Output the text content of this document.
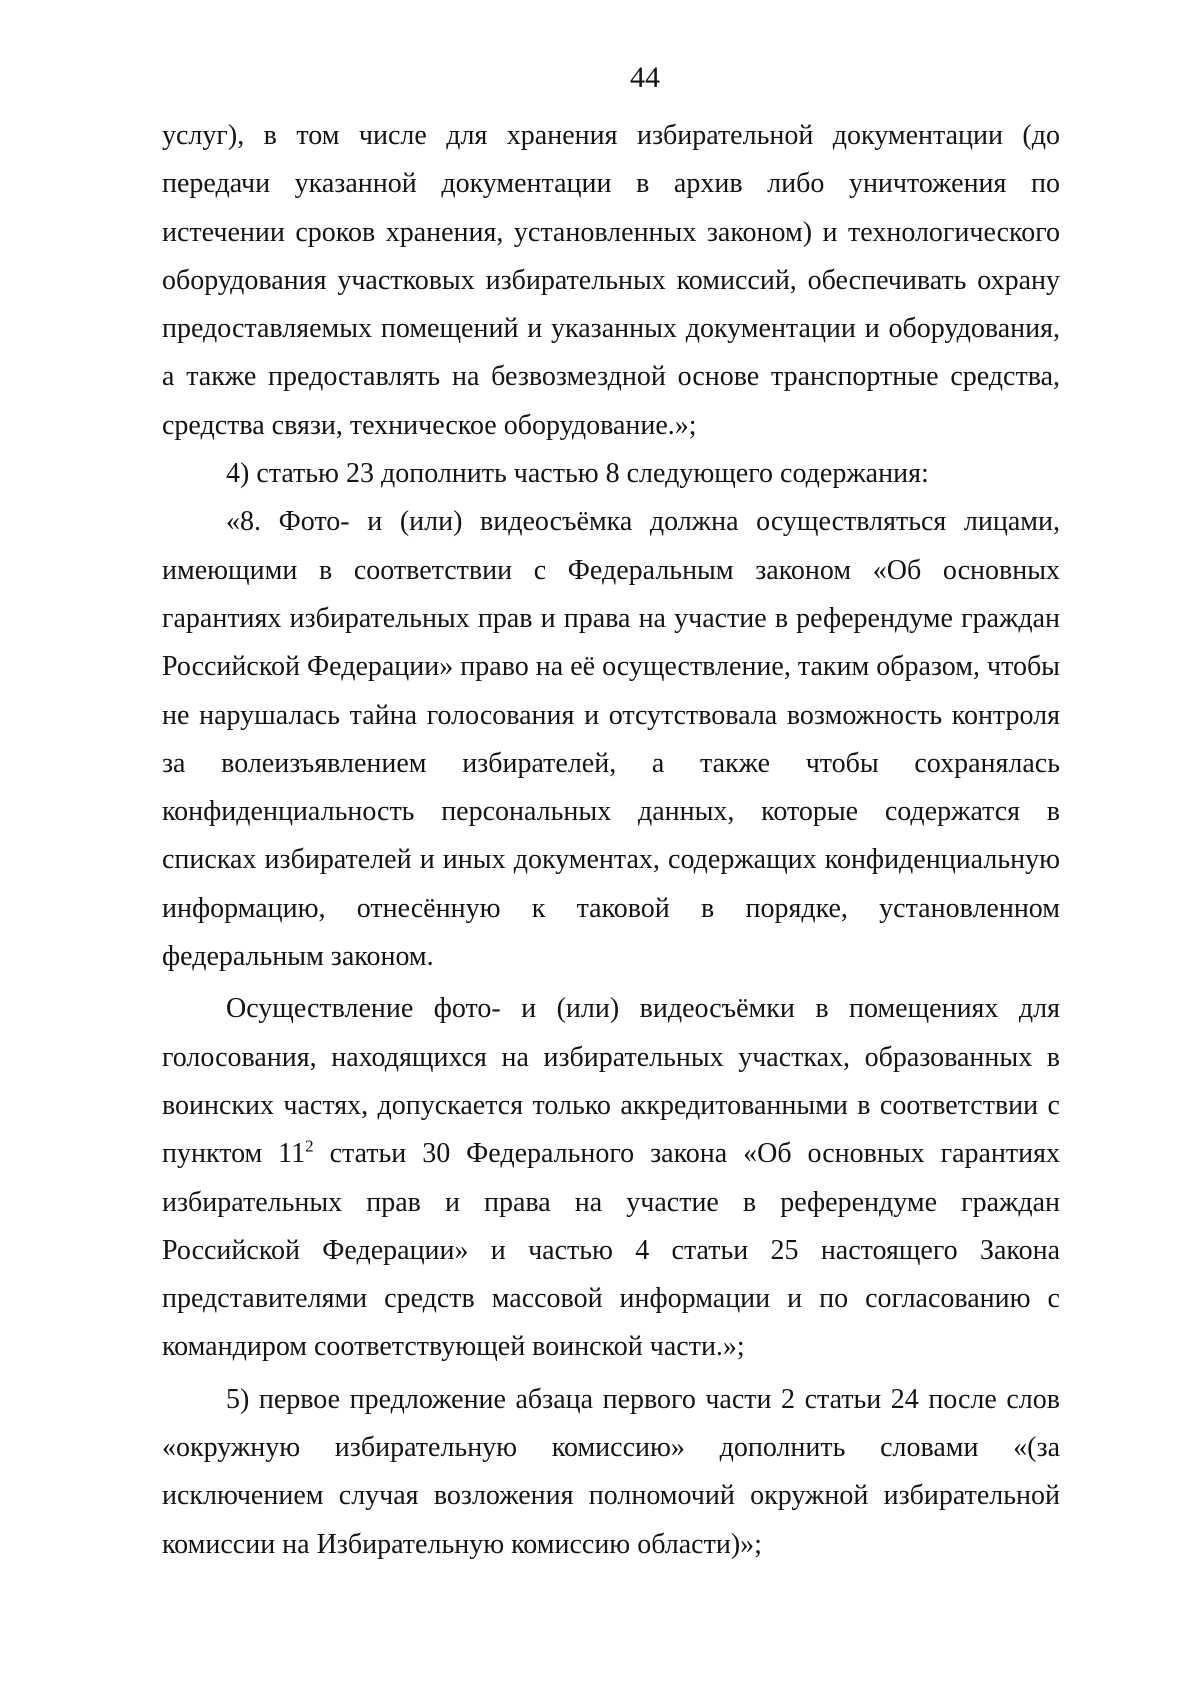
44

услуг), в том числе для хранения избирательной документации (до передачи указанной документации в архив либо уничтожения по истечении сроков хранения, установленных законом) и технологического оборудования участковых избирательных комиссий, обеспечивать охрану предоставляемых помещений и указанных документации и оборудования, а также предоставлять на безвозмездной основе транспортные средства, средства связи, техническое оборудование.»;

4) статью 23 дополнить частью 8 следующего содержания:

«8. Фото- и (или) видеосъёмка должна осуществляться лицами, имеющими в соответствии с Федеральным законом «Об основных гарантиях избирательных прав и права на участие в референдуме граждан Российской Федерации» право на её осуществление, таким образом, чтобы не нарушалась тайна голосования и отсутствовала возможность контроля за волеизъявлением избирателей, а также чтобы сохранялась конфиденциальность персональных данных, которые содержатся в списках избирателей и иных документах, содержащих конфиденциальную информацию, отнесённую к таковой в порядке, установленном федеральным законом.

Осуществление фото- и (или) видеосъёмки в помещениях для голосования, находящихся на избирательных участках, образованных в воинских частях, допускается только аккредитованными в соответствии с пунктом 11$^2$ статьи 30 Федерального закона «Об основных гарантиях избирательных прав и права на участие в референдуме граждан Российской Федерации» и частью 4 статьи 25 настоящего Закона представителями средств массовой информации и по согласованию с командиром соответствующей воинской части.»;

5) первое предложение абзаца первого части 2 статьи 24 после слов «окружную избирательную комиссию» дополнить словами «(за исключением случая возложения полномочий окружной избирательной комиссии на Избирательную комиссию области)»;
